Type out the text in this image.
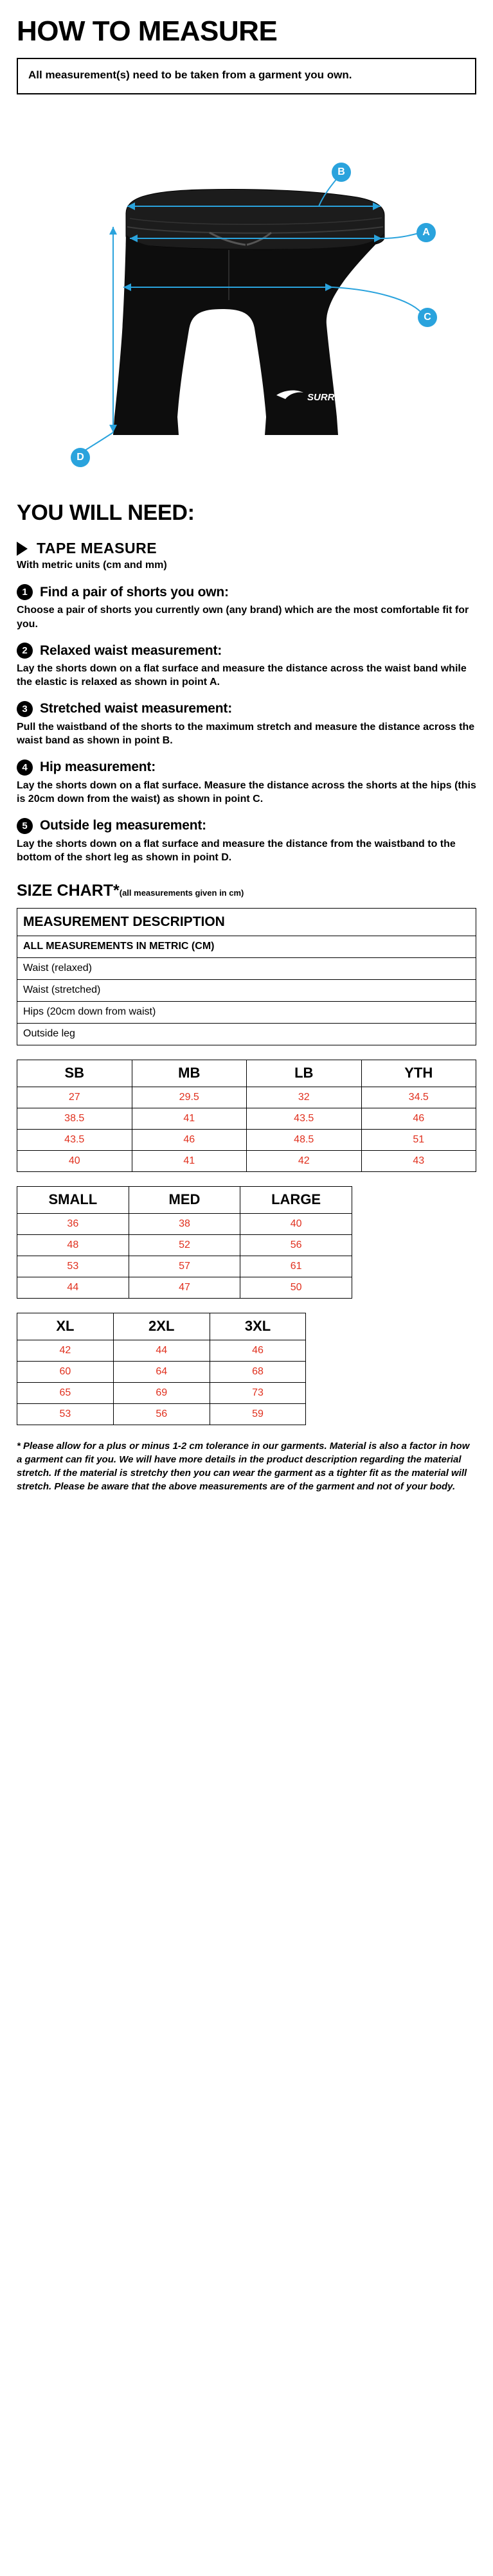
HOW TO MEASURE
All measurement(s) need to be taken from a garment you own.
SURRIDGE
B
A
C
D
YOU WILL NEED:
TAPE MEASURE
With metric units (cm and mm)
1 Find a pair of shorts you own:
Choose a pair of shorts you currently own (any brand) which are the most comfortable fit for you.
2 Relaxed waist measurement:
Lay the shorts down on a flat surface and measure the distance across the waist band while the elastic is relaxed as shown in point A.
3 Stretched waist measurement:
Pull the waistband of the shorts to the maximum stretch and measure the distance across the waist band as shown in point B.
4 Hip measurement:
Lay the shorts down on a flat surface. Measure the distance across the shorts at the hips (this is 20cm down from the waist) as shown in point C.
5 Outside leg measurement:
Lay the shorts down on a flat surface and measure the distance from the waistband to the bottom of the short leg as shown in point D.
SIZE CHART*(all measurements given in cm)
MEASUREMENT DESCRIPTION
ALL MEASUREMENTS IN METRIC (CM)
Waist (relaxed)
Waist (stretched)
Hips (20cm down from waist)
Outside leg
SB	MB	LB	YTH
27	29.5	32	34.5
38.5	41	43.5	46
43.5	46	48.5	51
40	41	42	43
SMALL	MED	LARGE
36	38	40
48	52	56
53	57	61
44	47	50
XL	2XL	3XL
42	44	46
60	64	68
65	69	73
53	56	59
* Please allow for a plus or minus 1-2 cm tolerance in our garments. Material is also a factor in how a garment can fit you. We will have more details in the product description regarding the material stretch. If the material is stretchy then you can wear the garment as a tighter fit as the material will stretch. Please be aware that the above measurements are of the garment and not of your body.
